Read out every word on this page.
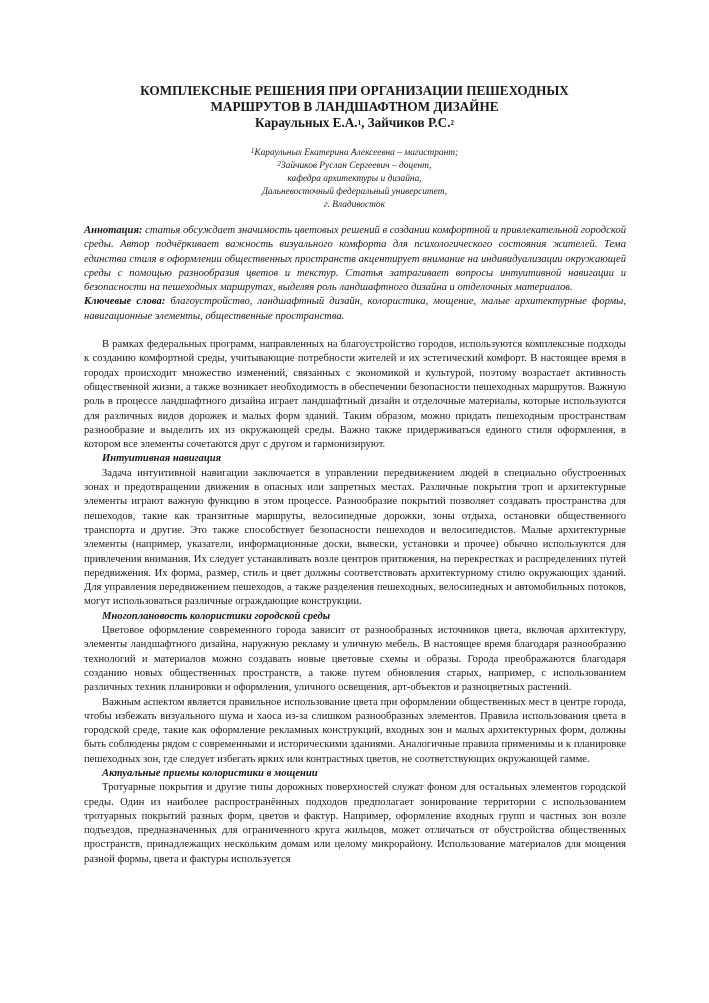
КОМПЛЕКСНЫЕ РЕШЕНИЯ ПРИ ОРГАНИЗАЦИИ ПЕШЕХОДНЫХ
МАРШРУТОВ В ЛАНДШАФТНОМ ДИЗАЙНЕ
Караульных Е.А.$^1$, Зайчиков Р.С.$^2$
$^1$Караульных Екатерина Алексеевна – магистрант;
$^2$Зайчиков Руслан Сергеевич – доцент,
кафедра архитектуры и дизайна,
Дальневосточный федеральный университет,
г. Владивосток
Аннотация: статья обсуждает значимость цветовых решений в создании комфортной и привлекательной городской среды. Автор подчёркивает важность визуального комфорта для психологического состояния жителей. Тема единства стиля в оформлении общественных пространств акцентирует внимание на индивидуализации окружающей среды с помощью разнообразия цветов и текстур. Статья затрагивает вопросы интуитивной навигации и безопасности на пешеходных маршрутах, выделяя роль ландшафтного дизайна и отделочных материалов.
Ключевые слова: благоустройство, ландшафтный дизайн, колористика, мощение, малые архитектурные формы, навигационные элементы, общественные пространства.

В рамках федеральных программ, направленных на благоустройство городов, используются комплексные подходы к созданию комфортной среды, учитывающие потребности жителей и их эстетический комфорт. В настоящее время в городах происходит множество изменений, связанных с экономикой и культурой, поэтому возрастает активность общественной жизни, а также возникает необходимость в обеспечении безопасности пешеходных маршрутов. Важную роль в процессе ландшафтного дизайна играет ландшафтный дизайн и отделочные материалы, которые используются для различных видов дорожек и малых форм зданий. Таким образом, можно придать пешеходным пространствам разнообразие и выделить их из окружающей среды. Важно также придерживаться единого стиля оформления, в котором все элементы сочетаются друг с другом и гармонизируют.

Интуитивная навигация

Задача интуитивной навигации заключается в управлении передвижением людей в специально обустроенных зонах и предотвращении движения в опасных или запретных местах. Различные покрытия троп и архитектурные элементы играют важную функцию в этом процессе. Разнообразие покрытий позволяет создавать пространства для пешеходов, такие как транзитные маршруты, велосипедные дорожки, зоны отдыха, остановки общественного транспорта и другие. Это также способствует безопасности пешеходов и велосипедистов. Малые архитектурные элементы (например, указатели, информационные доски, вывески, установки и прочее) обычно используются для привлечения внимания. Их следует устанавливать возле центров притяжения, на перекрестках и распределениях путей передвижения. Их форма, размер, стиль и цвет должны соответствовать архитектурному стилю окружающих зданий. Для управления передвижением пешеходов, а также разделения пешеходных, велосипедных и автомобильных потоков, могут использоваться различные ограждающие конструкции.

Многоплановость колористики городской среды

Цветовое оформление современного города зависит от разнообразных источников цвета, включая архитектуру, элементы ландшафтного дизайна, наружную рекламу и уличную мебель. В настоящее время благодаря разнообразию технологий и материалов можно создавать новые цветовые схемы и образы. Города преображаются благодаря созданию новых общественных пространств, а также путем обновления старых, например, с использованием различных техник планировки и оформления, уличного освещения, арт-объектов и разноцветных растений.

Важным аспектом является правильное использование цвета при оформлении общественных мест в центре города, чтобы избежать визуального шума и хаоса из-за слишком разнообразных элементов. Правила использования цвета в городской среде, такие как оформление рекламных конструкций, входных зон и малых архитектурных форм, должны быть соблюдены рядом с современными и историческими зданиями. Аналогичные правила применимы и к планировке пешеходных зон, где следует избегать ярких или контрастных цветов, не соответствующих окружающей гамме.

Актуальные приемы колористики в мощении

Тротуарные покрытия и другие типы дорожных поверхностей служат фоном для остальных элементов городской среды. Один из наиболее распространённых подходов предполагает зонирование территории с использованием тротуарных покрытий разных форм, цветов и фактур. Например, оформление входных групп и частных зон возле подъездов, предназначенных для ограниченного круга жильцов, может отличаться от обустройства общественных пространств, принадлежащих нескольким домам или целому микрорайону. Использование материалов для мощения разной формы, цвета и фактуры используется
